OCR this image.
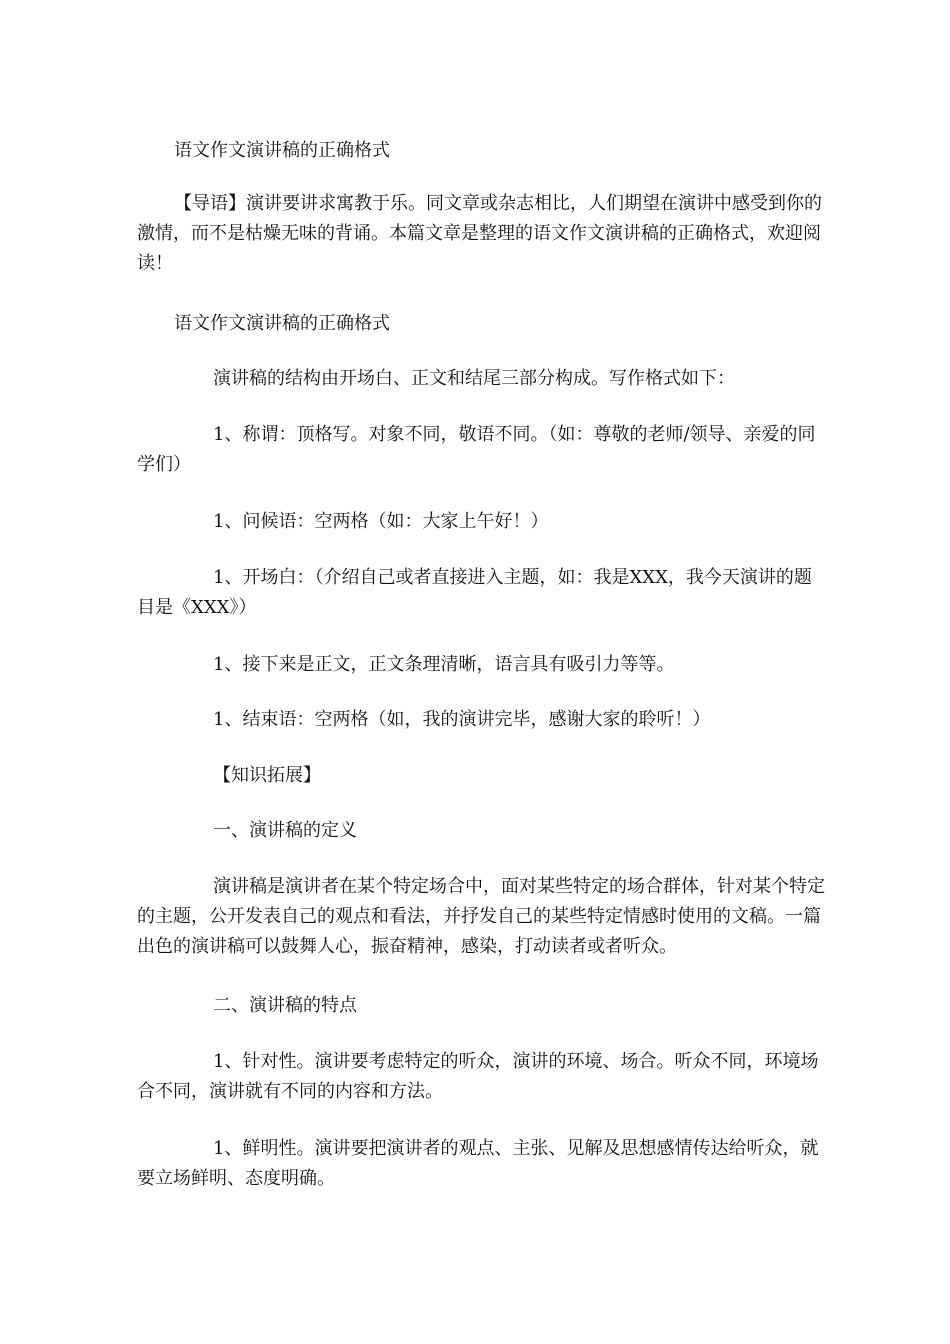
语文作文演讲稿的正确格式

【导语】演讲要讲求寓教于乐。同文章或杂志相比，人们期望在演讲中感受到你的激情，而不是枯燥无味的背诵。本篇文章是整理的语文作文演讲稿的正确格式，欢迎阅读！

语文作文演讲稿的正确格式

演讲稿的结构由开场白、正文和结尾三部分构成。写作格式如下：

1、称谓：顶格写。对象不同，敬语不同。（如：尊敬的老师/领导、亲爱的同学们）

1、问候语：空两格（如：大家上午好！）

1、开场白：（介绍自己或者直接进入主题，如：我是XXX，我今天演讲的题目是《XXX》）

1、接下来是正文，正文条理清晰，语言具有吸引力等等。

1、结束语：空两格（如，我的演讲完毕，感谢大家的聆听！）

【知识拓展】

一、演讲稿的定义

演讲稿是演讲者在某个特定场合中，面对某些特定的场合群体，针对某个特定的主题，公开发表自己的观点和看法，并抒发自己的某些特定情感时使用的文稿。一篇出色的演讲稿可以鼓舞人心，振奋精神，感染，打动读者或者听众。

二、演讲稿的特点

1、针对性。演讲要考虑特定的听众，演讲的环境、场合。听众不同，环境场合不同，演讲就有不同的内容和方法。

1、鲜明性。演讲要把演讲者的观点、主张、见解及思想感情传达给听众，就要立场鲜明、态度明确。
